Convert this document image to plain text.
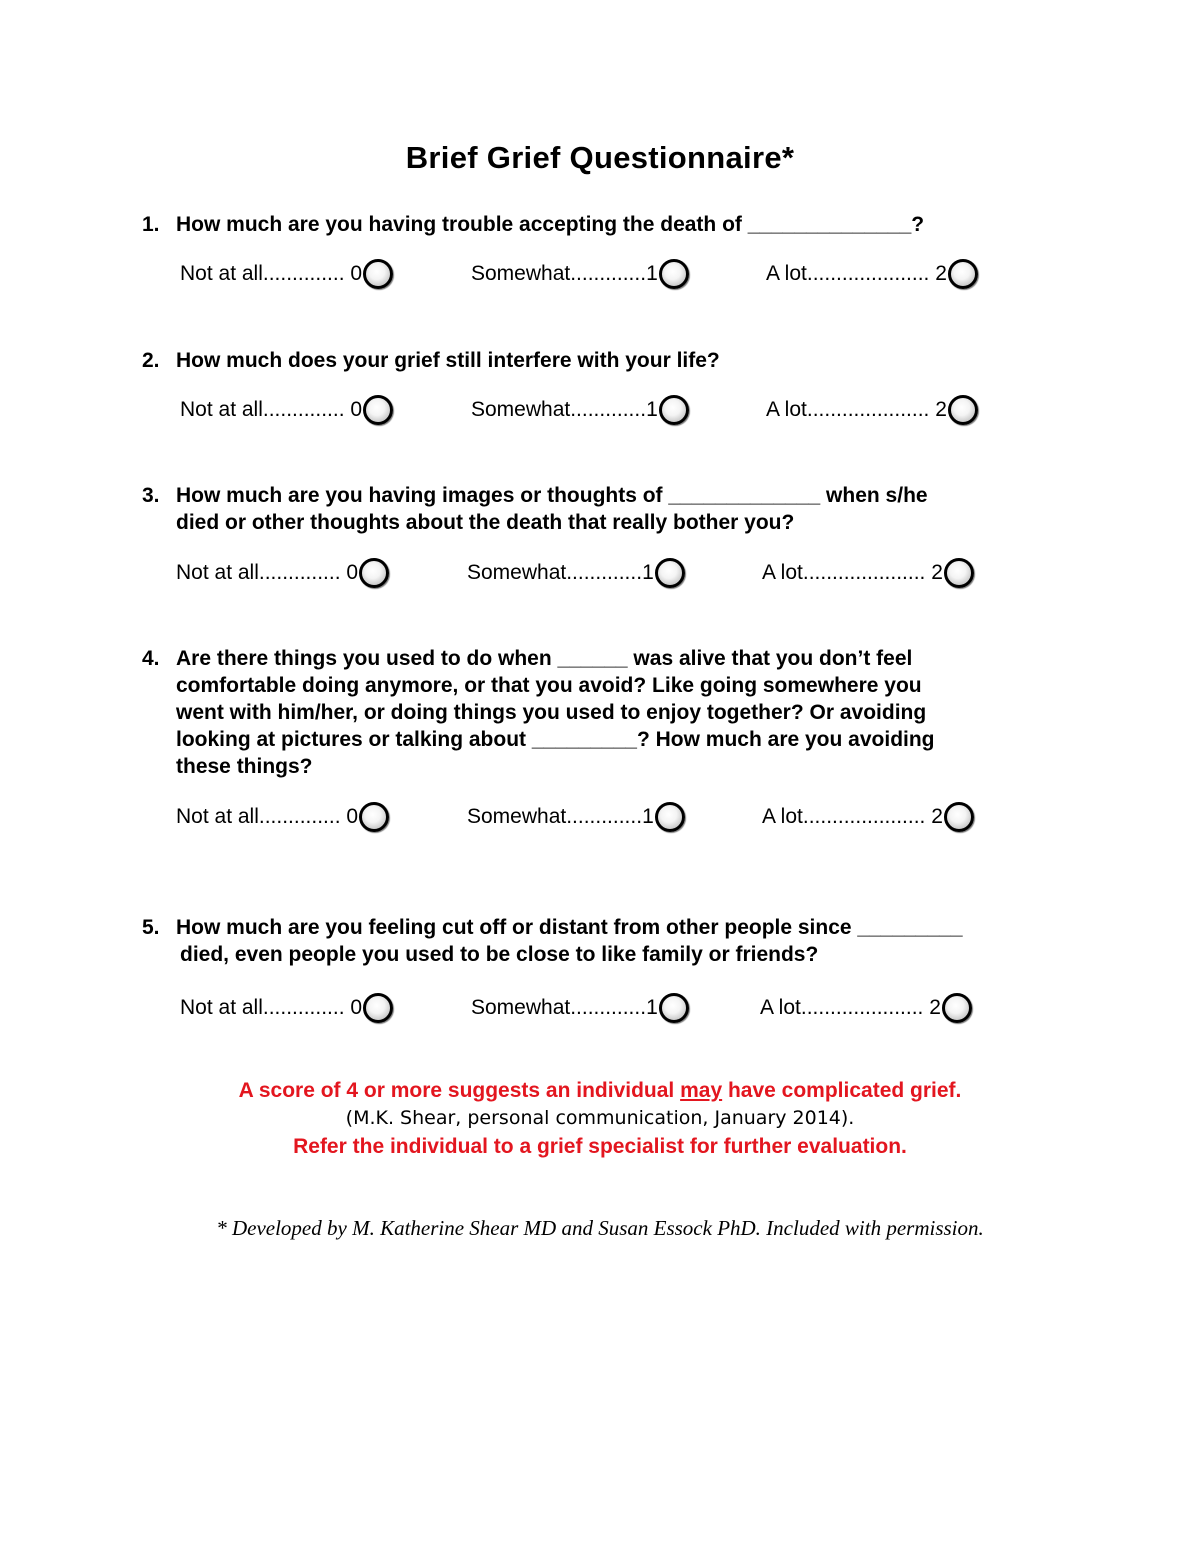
Brief Grief Questionnaire*
1. How much are you having trouble accepting the death of ______________?
Not at all.............. 0	Somewhat.............1	A lot..................... 2
2. How much does your grief still interfere with your life?
Not at all.............. 0	Somewhat.............1	A lot..................... 2
3. How much are you having images or thoughts of _____________ when s/he
died or other thoughts about the death that really bother you?
Not at all.............. 0	Somewhat.............1	A lot..................... 2
4. Are there things you used to do when ______ was alive that you don’t feel
comfortable doing anymore, or that you avoid? Like going somewhere you
went with him/her, or doing things you used to enjoy together? Or avoiding
looking at pictures or talking about _________? How much are you avoiding
these things?
Not at all.............. 0	Somewhat.............1	A lot..................... 2
5. How much are you feeling cut off or distant from other people since _________
died, even people you used to be close to like family or friends?
Not at all.............. 0	Somewhat.............1	A lot..................... 2
A score of 4 or more suggests an individual may have complicated grief.
(M.K. Shear, personal communication, January 2014).
Refer the individual to a grief specialist for further evaluation.
* Developed by M. Katherine Shear MD and Susan Essock PhD. Included with permission.
